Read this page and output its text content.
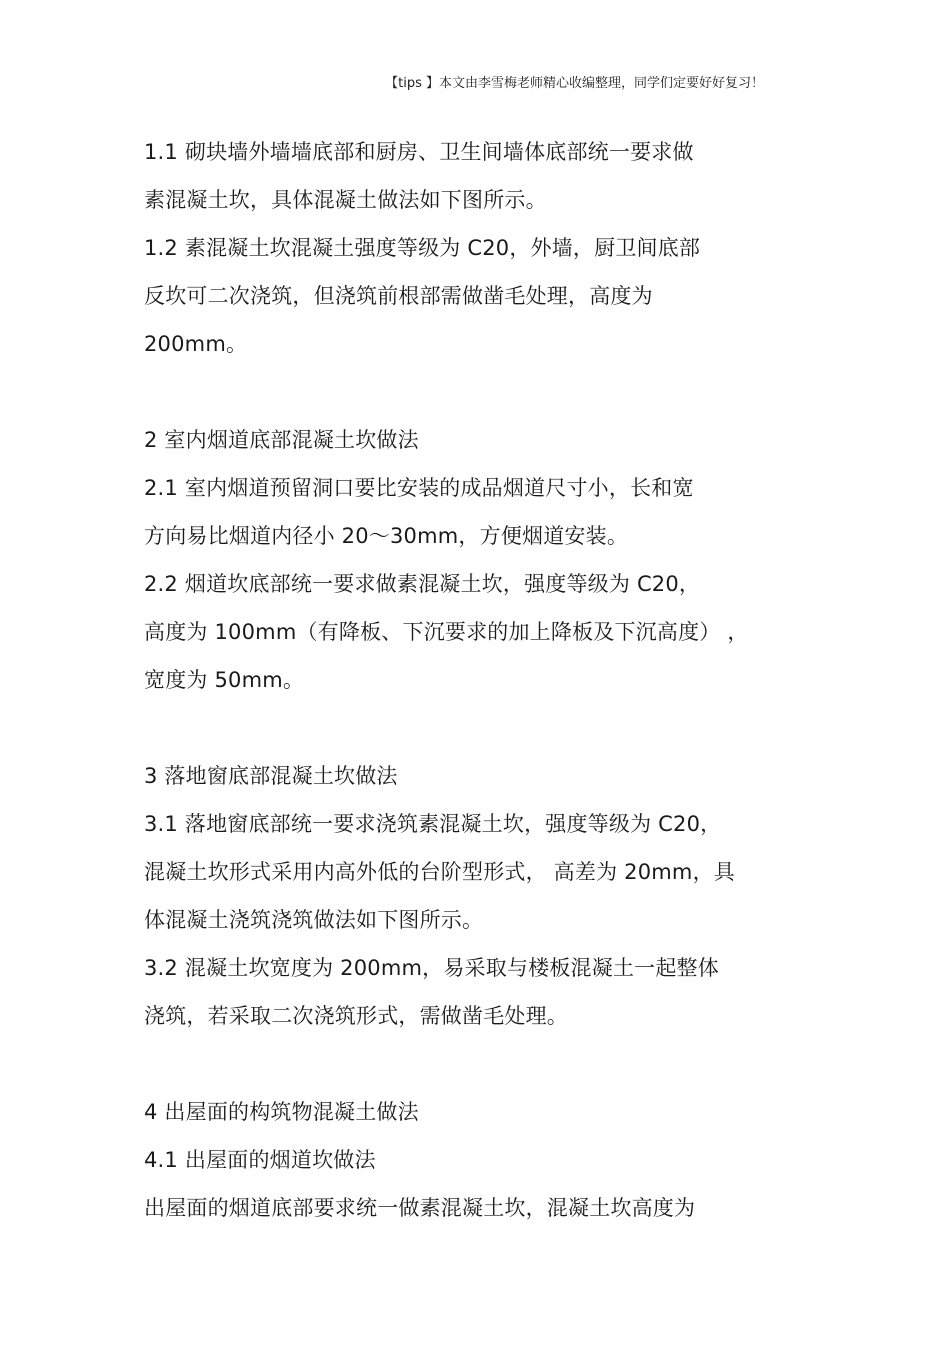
【tips 】本文由李雪梅老师精心收编整理，同学们定要好好复习！
1.1 砌块墙外墙墙底部和厨房、卫生间墙体底部统一要求做
素混凝土坎，具体混凝土做法如下图所示。
1.2 素混凝土坎混凝土强度等级为 C20，外墙，厨卫间底部
反坎可二次浇筑，但浇筑前根部需做凿毛处理，高度为
200mm。
2 室内烟道底部混凝土坎做法
2.1 室内烟道预留洞口要比安装的成品烟道尺寸小，长和宽
方向易比烟道内径小 20～30mm，方便烟道安装。
2.2 烟道坎底部统一要求做素混凝土坎，强度等级为 C20，
高度为 100mm（有降板、下沉要求的加上降板及下沉高度） ，
宽度为 50mm。
3 落地窗底部混凝土坎做法
3.1 落地窗底部统一要求浇筑素混凝土坎，强度等级为 C20，
混凝土坎形式采用内高外低的台阶型形式， 高差为 20mm，具
体混凝土浇筑浇筑做法如下图所示。
3.2 混凝土坎宽度为 200mm，易采取与楼板混凝土一起整体
浇筑，若采取二次浇筑形式，需做凿毛处理。
4 出屋面的构筑物混凝土做法
4.1 出屋面的烟道坎做法
出屋面的烟道底部要求统一做素混凝土坎，混凝土坎高度为
